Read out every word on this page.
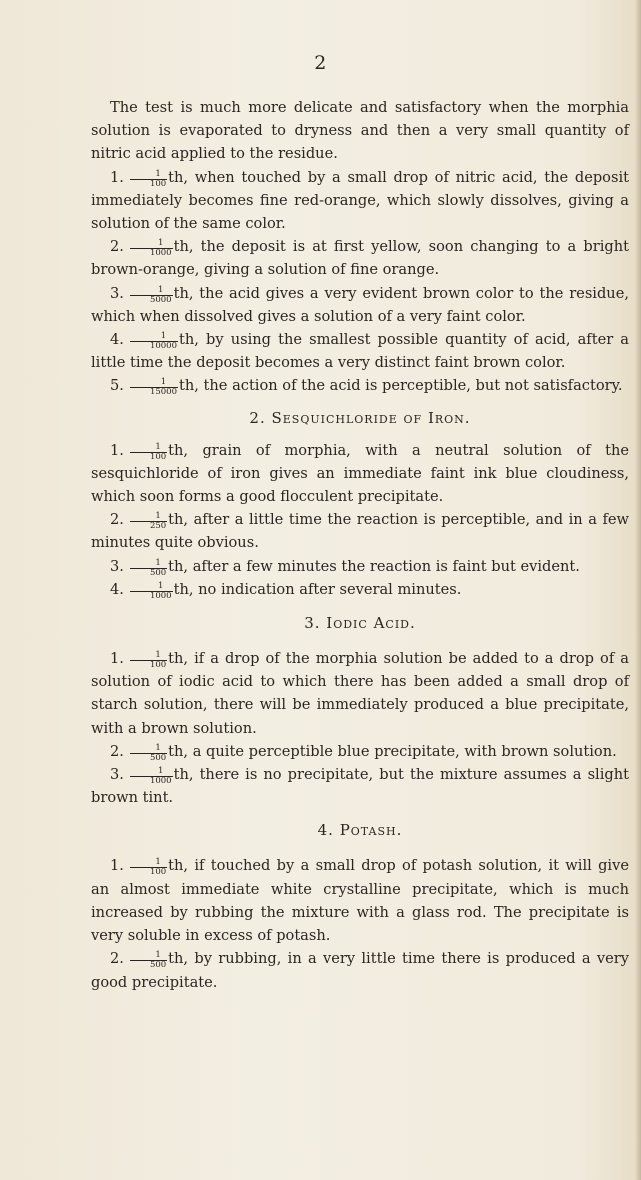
2

The test is much more delicate and satisfactory when the morphia solution is evaporated to dryness and then a very small quantity of nitric acid applied to the residue.

1. $\frac{1}{100}$ th, when touched by a small drop of nitric acid, the deposit immediately becomes fine red-orange, which slowly dissolves, giving a solution of the same color.

2. $\frac{1}{1000}$ th, the deposit is at first yellow, soon changing to a bright brown-orange, giving a solution of fine orange.

3. $\frac{1}{5000}$ th, the acid gives a very evident brown color to the residue, which when dissolved gives a solution of a very faint color.

4. $\frac{1}{10000}$ th, by using the smallest possible quantity of acid, after a little time the deposit becomes a very distinct faint brown color.

5. $\frac{1}{15000}$ th, the action of the acid is perceptible, but not satisfactory.

2. Sesquichloride of Iron.

1. $\frac{1}{100}$ th, grain of morphia, with a neutral solution of the sesquichloride of iron gives an immediate faint ink blue cloudiness, which soon forms a good flocculent precipitate.

2. $\frac{1}{250}$ th, after a little time the reaction is perceptible, and in a few minutes quite obvious.

3. $\frac{1}{500}$ th, after a few minutes the reaction is faint but evident.

4. $\frac{1}{1000}$ th, no indication after several minutes.

3. Iodic Acid.

1. $\frac{1}{100}$ th, if a drop of the morphia solution be added to a drop of a solution of iodic acid to which there has been added a small drop of starch solution, there will be immediately produced a blue precipitate, with a brown solution.

2. $\frac{1}{500}$ th, a quite perceptible blue precipitate, with brown solution.

3. $\frac{1}{1000}$ th, there is no precipitate, but the mixture assumes a slight brown tint.

4. Potash.

1. $\frac{1}{100}$ th, if touched by a small drop of potash solution, it will give an almost immediate white crystalline precipitate, which is much increased by rubbing the mixture with a glass rod. The precipitate is very soluble in excess of potash.

2. $\frac{1}{500}$ th, by rubbing, in a very little time there is produced a very good precipitate.
